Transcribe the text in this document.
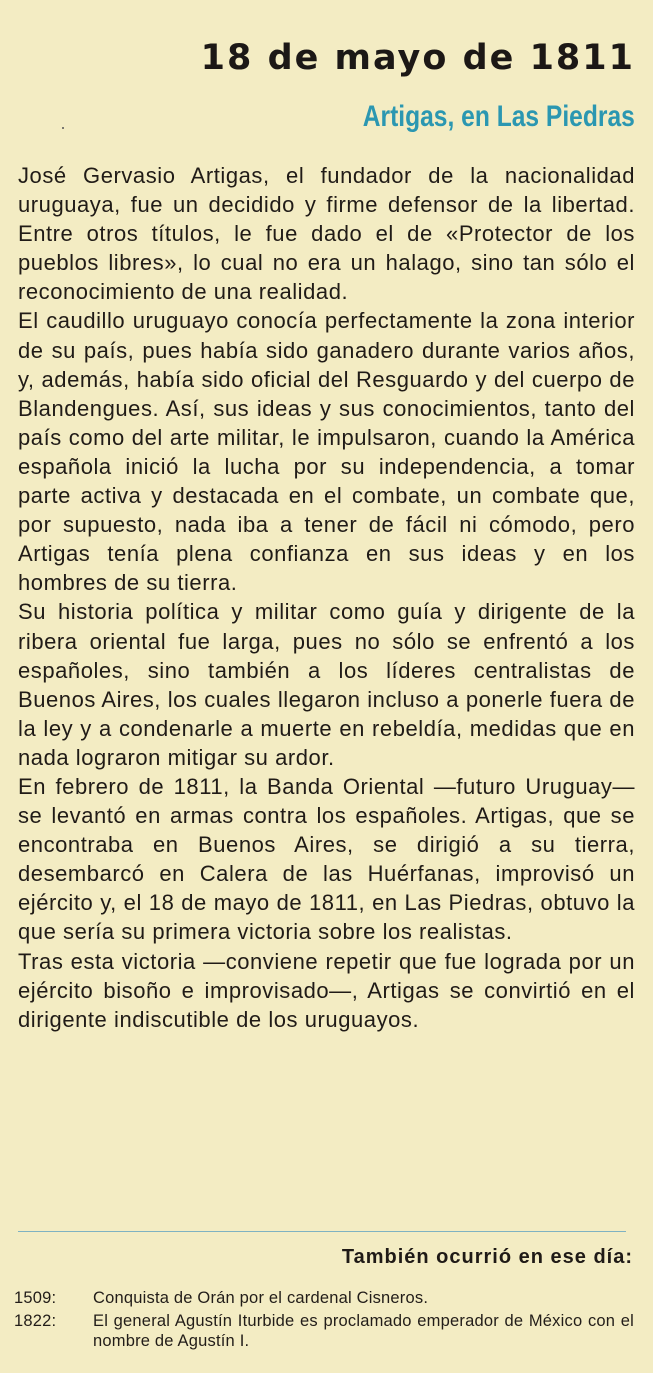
18 de mayo de 1811
Artigas, en Las Piedras

José Gervasio Artigas, el fundador de la nacionalidad uruguaya, fue un decidido y firme defensor de la libertad. Entre otros títulos, le fue dado el de «Protector de los pueblos libres», lo cual no era un halago, sino tan sólo el reconocimiento de una realidad.

El caudillo uruguayo conocía perfectamente la zona interior de su país, pues había sido ganadero durante varios años, y, además, había sido oficial del Resguardo y del cuerpo de Blandengues. Así, sus ideas y sus conocimientos, tanto del país como del arte militar, le impulsaron, cuando la América española inició la lucha por su independencia, a tomar parte activa y destacada en el combate, un combate que, por supuesto, nada iba a tener de fácil ni cómodo, pero Artigas tenía plena confianza en sus ideas y en los hombres de su tierra.

Su historia política y militar como guía y dirigente de la ribera oriental fue larga, pues no sólo se enfrentó a los españoles, sino también a los líderes centralistas de Buenos Aires, los cuales llegaron incluso a ponerle fuera de la ley y a condenarle a muerte en rebeldía, medidas que en nada lograron mitigar su ardor.

En febrero de 1811, la Banda Oriental —futuro Uruguay— se levantó en armas contra los españoles. Artigas, que se encontraba en Buenos Aires, se dirigió a su tierra, desembarcó en Calera de las Huérfanas, improvisó un ejército y, el 18 de mayo de 1811, en Las Piedras, obtuvo la que sería su primera victoria sobre los realistas.

Tras esta victoria —conviene repetir que fue lograda por un ejército bisoño e improvisado—, Artigas se convirtió en el dirigente indiscutible de los uruguayos.

También ocurrió en ese día:
1509:	Conquista de Orán por el cardenal Cisneros.
1822:	El general Agustín Iturbide es proclamado emperador de México con el nombre de Agustín I.
